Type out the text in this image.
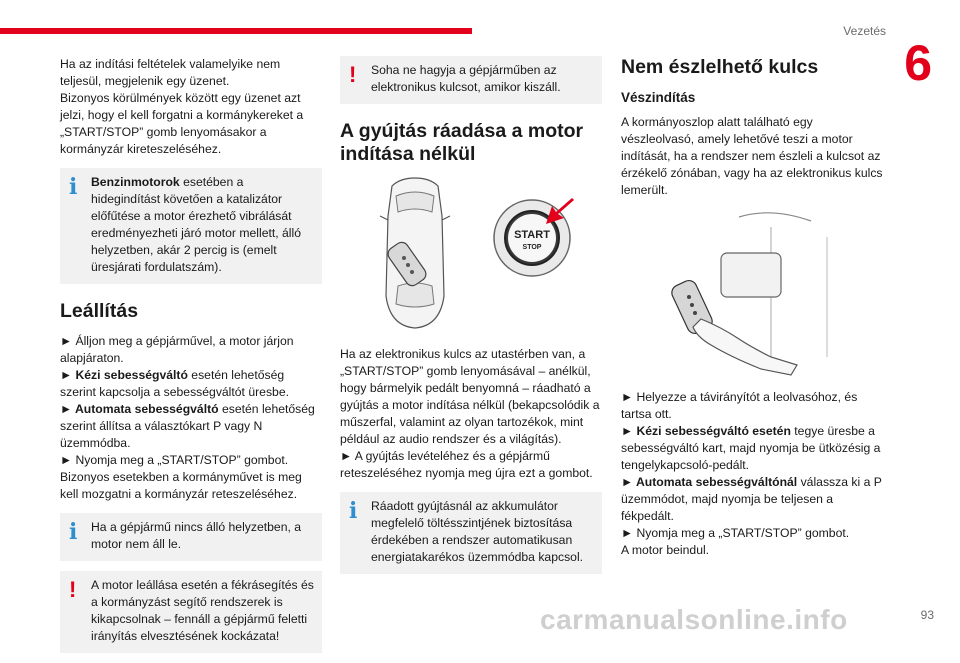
Vezetés
6

Ha az indítási feltételek valamelyike nem teljesül, megjelenik egy üzenet.

Bizonyos körülmények között egy üzenet azt jelzi, hogy el kell forgatni a kormánykereket a „START/STOP” gomb lenyomásakor a kormányzár kireteszeléséhez.

i Benzinmotorok esetében a hidegindítást követően a katalizátor előfűtése a motor érezhető vibrálását eredményezheti járó motor mellett, álló helyzetben, akár 2 percig is (emelt üresjárati fordulatszám).

Leállítás

► Álljon meg a gépjárművel, a motor járjon alapjáraton.

► Kézi sebességváltó esetén lehetőség szerint kapcsolja a sebességváltót üresbe.

► Automata sebességváltó esetén lehetőség szerint állítsa a választókart P vagy N üzemmódba.

► Nyomja meg a „START/STOP” gombot.

Bizonyos esetekben a kormányművet is meg kell mozgatni a kormányzár reteszeléséhez.

i Ha a gépjármű nincs álló helyzetben, a motor nem áll le.

! A motor leállása esetén a fékrásegítés és a kormányzást segítő rendszerek is kikapcsolnak – fennáll a gépjármű feletti irányítás elvesztésének kockázata!

! Soha ne hagyja a gépjárműben az elektronikus kulcsot, amikor kiszáll.

A gyújtás ráadása a motor indítása nélkül
START
STOP

Ha az elektronikus kulcs az utastérben van, a „START/STOP” gomb lenyomásával – anélkül, hogy bármelyik pedált benyomná – ráadható a gyújtás a motor indítása nélkül (bekapcsolódik a műszerfal, valamint az olyan tartozékok, mint például az audio rendszer és a világítás).

► A gyújtás levételéhez és a gépjármű reteszeléséhez nyomja meg újra ezt a gombot.

i Ráadott gyújtásnál az akkumulátor megfelelő töltésszintjének biztosítása érdekében a rendszer automatikusan energiatakarékos üzemmódba kapcsol.

Nem észlelhető kulcs
Vészindítás

A kormányoszlop alatt található egy vészleolvasó, amely lehetővé teszi a motor indítását, ha a rendszer nem észleli a kulcsot az érzékelő zónában, vagy ha az elektronikus kulcs lemerült.

► Helyezze a távirányítót a leolvasóhoz, és tartsa ott.

► Kézi sebességváltó esetén tegye üresbe a sebességváltó kart, majd nyomja be ütközésig a tengelykapcsoló-pedált.

► Automata sebességváltónál válassza ki a P üzemmódot, majd nyomja be teljesen a fékpedált.

► Nyomja meg a „START/STOP” gombot.

A motor beindul.

carmanualsonline.info	93
